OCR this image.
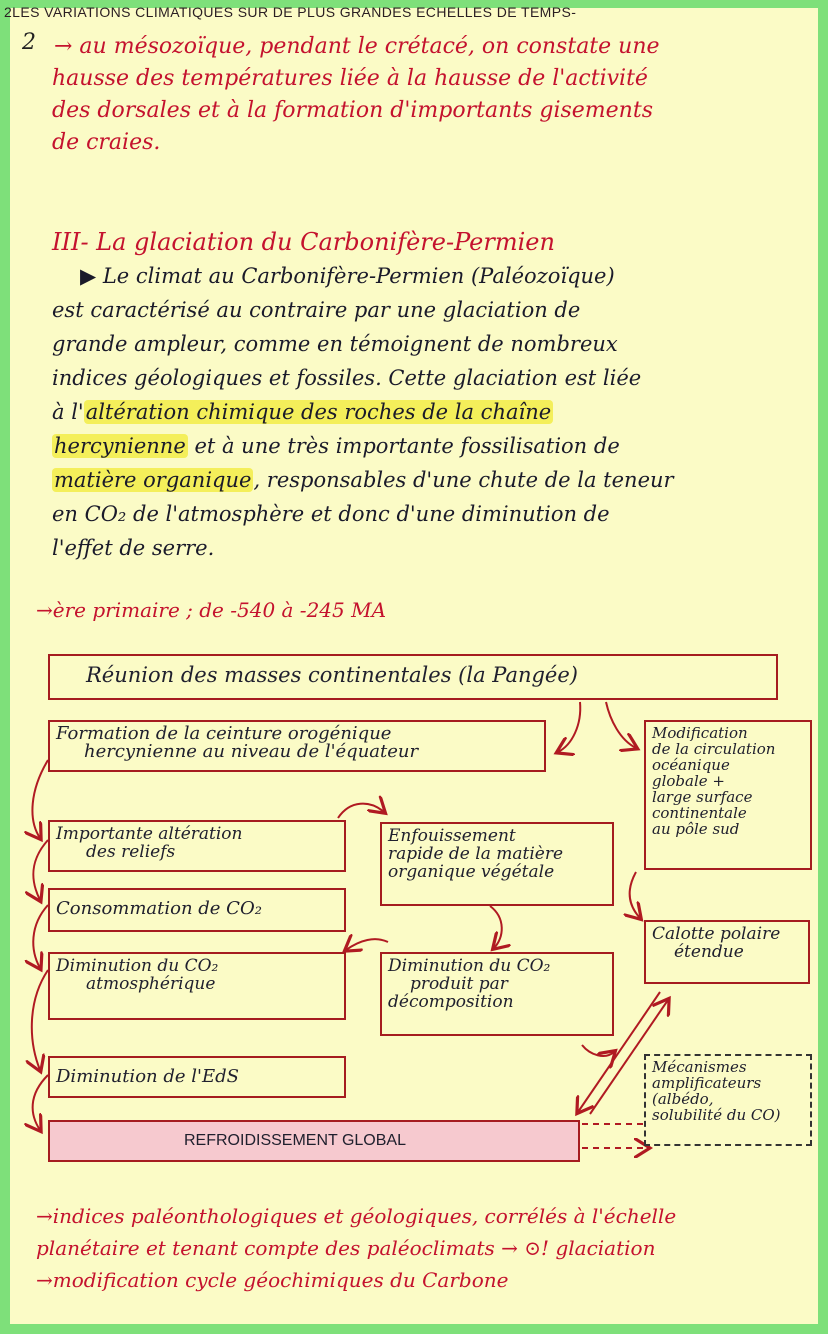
2LES VARIATIONS CLIMATIQUES SUR DE PLUS GRANDES ECHELLES DE TEMPS-
→ au mésozoïque, pendant le crétacé, on constate une
2
hausse des températures liée à la hausse de l'activité
des dorsales et à la formation d'importants gisements
de craies.
III- La glaciation du Carbonifère-Permien
▶ Le climat au Carbonifère-Permien (Paléozoïque)
est caractérisé au contraire par une glaciation de
grande ampleur, comme en témoignent de nombreux
indices géologiques et fossiles. Cette glaciation est liée
à l'altération chimique des roches de la chaîne
hercynienne et à une très importante fossilisation de
matière organique, responsables d'une chute de la teneur
en CO₂ de l'atmosphère et donc d'une diminution de
l'effet de serre.
→ère primaire ; de -540 à -245 MA
Réunion des masses continentales (la Pangée)
Formation de la ceinture orogénique
hercynienne au niveau de l'équateur
Modification
de la circulation
océanique
globale +
large surface
continentale
au pôle sud
Importante altération
des reliefs
Enfouissement
rapide de la matière
organique végétale
Consommation de CO₂
Calotte polaire
étendue
Diminution du CO₂
atmosphérique
Diminution du CO₂
produit par
décomposition
Diminution de l'EdS	Mécanismes
amplificateurs
(albédo,
solubilité du CO)
REFROIDISSEMENT GLOBAL
→indices paléonthologiques et géologiques, corrélés à l'échelle
planétaire et tenant compte des paléoclimats → ⊙! glaciation
→modification cycle géochimiques du Carbone
